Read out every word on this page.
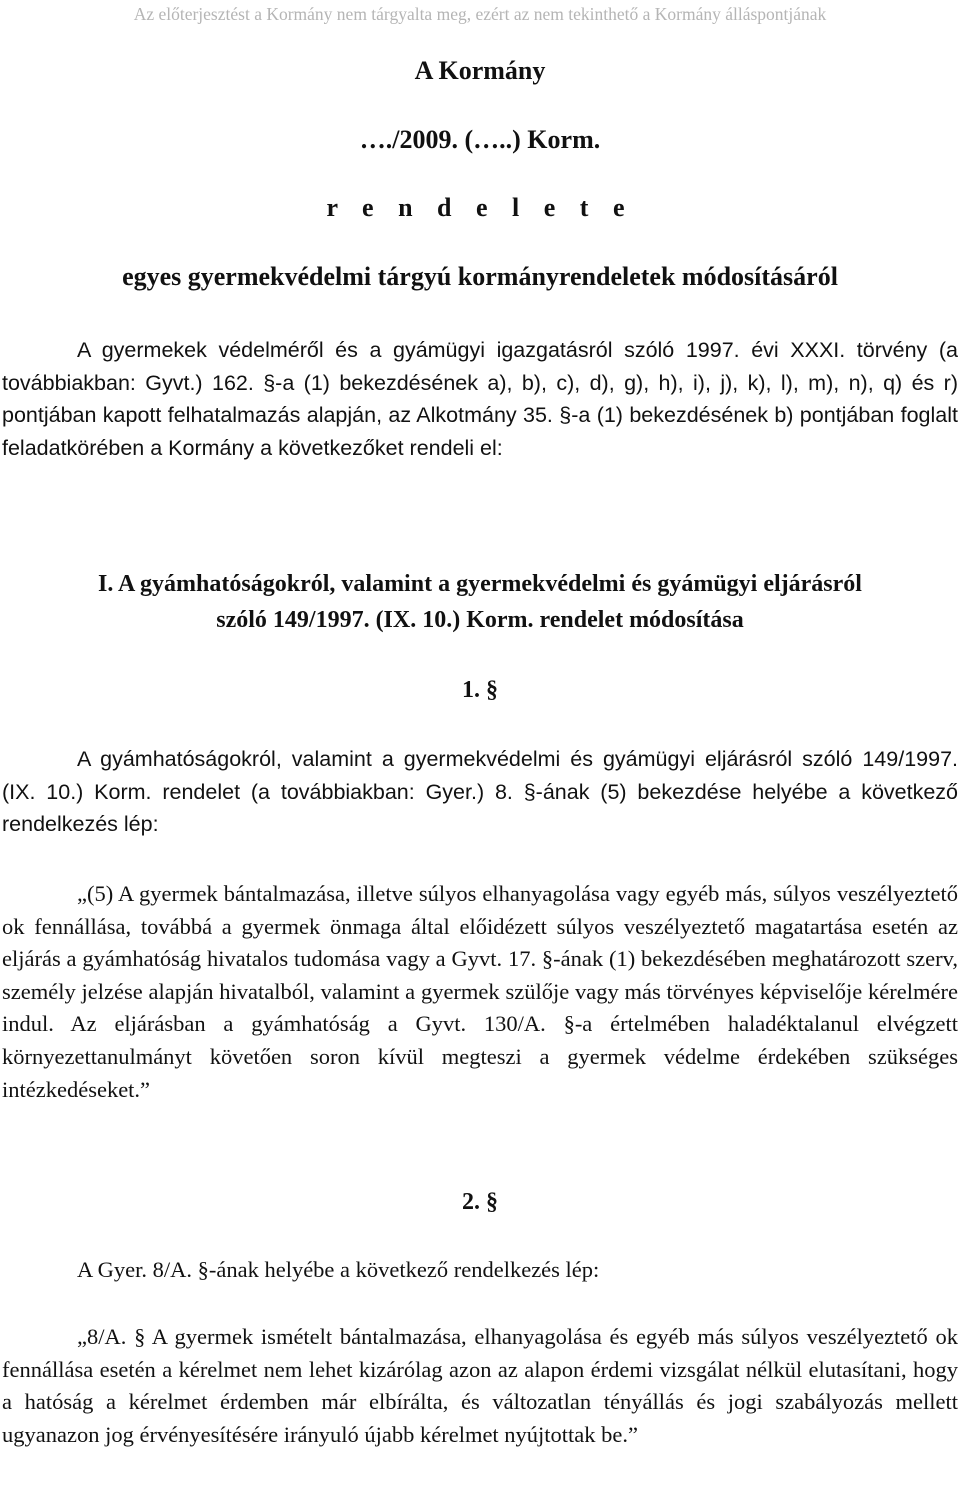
Az előterjesztést a Kormány nem tárgyalta meg, ezért az nem tekinthető a Kormány álláspontjának
A Kormány
…./2009. (…..) Korm.
r e n d e l e t e
egyes gyermekvédelmi tárgyú kormányrendeletek módosításáról

A gyermekek védelméről és a gyámügyi igazgatásról szóló 1997. évi XXXI. törvény (a továbbiakban: Gyvt.) 162. §-a (1) bekezdésének a), b), c), d), g), h), i), j), k), l), m), n), q) és r) pontjában kapott felhatalmazás alapján, az Alkotmány 35. §-a (1) bekezdésének b) pontjában foglalt feladatkörében a Kormány a következőket rendeli el:

I. A gyámhatóságokról, valamint a gyermekvédelmi és gyámügyi eljárásról
szóló 149/1997. (IX. 10.) Korm. rendelet módosítása
1. §

A gyámhatóságokról, valamint a gyermekvédelmi és gyámügyi eljárásról szóló 149/1997. (IX. 10.) Korm. rendelet (a továbbiakban: Gyer.) 8. §-ának (5) bekezdése helyébe a következő rendelkezés lép:

„(5) A gyermek bántalmazása, illetve súlyos elhanyagolása vagy egyéb más, súlyos veszélyeztető ok fennállása, továbbá a gyermek önmaga által előidézett súlyos veszélyeztető magatartása esetén az eljárás a gyámhatóság hivatalos tudomása vagy a Gyvt. 17. §-ának (1) bekezdésében meghatározott szerv, személy jelzése alapján hivatalból, valamint a gyermek szülője vagy más törvényes képviselője kérelmére indul. Az eljárásban a gyámhatóság a Gyvt. 130/A. §-a értelmében haladéktalanul elvégzett környezettanulmányt követően soron kívül megteszi a gyermek védelme érdekében szükséges intézkedéseket.”

2. §

A Gyer. 8/A. §-ának helyébe a következő rendelkezés lép:

„8/A. § A gyermek ismételt bántalmazása, elhanyagolása és egyéb más súlyos veszélyeztető ok fennállása esetén a kérelmet nem lehet kizárólag azon az alapon érdemi vizsgálat nélkül elutasítani, hogy a hatóság a kérelmet érdemben már elbírálta, és változatlan tényállás és jogi szabályozás mellett ugyanazon jog érvényesítésére irányuló újabb kérelmet nyújtottak be.”
